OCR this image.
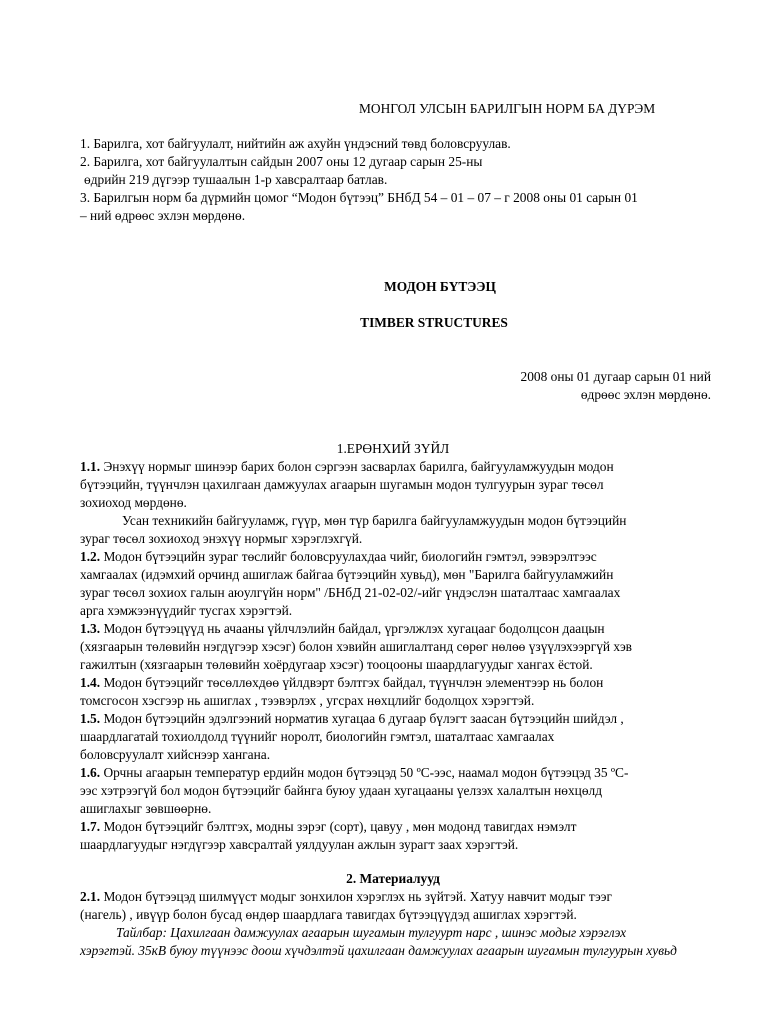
МОНГОЛ УЛСЫН БАРИЛГЫН НОРМ БА ДҮРЭМ
1. Барилга, хот байгуулалт, нийтийн аж ахуйн үндэсний төвд боловсруулав.
2. Барилга, хот байгуулалтын сайдын 2007 оны 12 дугаар сарын 25-ны
өдрийн 219 дүгээр тушаалын 1-р хавсралтаар батлав.
3. Барилгын норм ба дүрмийн цомог “Модон бүтээц” БНбД 54 – 01 – 07 – г 2008 оны 01 сарын 01
– ний өдрөөс эхлэн мөрдөнө.
МОДОН БҮТЭЭЦ
TIMBER STRUCTURES
2008 оны 01 дугаар сарын 01 ний
өдрөөс эхлэн мөрдөнө.
1.ЕРӨНХИЙ ЗҮЙЛ
1.1. Энэхүү нормыг шинээр барих болон сэргээн засварлах барилга, байгууламжуудын модон
бүтээцийн, түүнчлэн цахилгаан дамжуулах агаарын шугамын модон тулгуурын зураг төсөл
зохиоход мөрдөнө.
Усан техникийн байгууламж, гүүр, мөн түр барилга байгууламжуудын модон бүтээцийн
зураг төсөл зохиоход энэхүү нормыг хэрэглэхгүй.
1.2. Модон бүтээцийн зураг төслийг боловсруулахдаа чийг, биологийн гэмтэл, ээвэрэлтээс
хамгаалах (идэмхий орчинд ашиглаж байгаа бүтээцийн хувьд), мөн "Барилга байгууламжийн
зураг төсөл зохиох галын аюулгүйн норм" /БНбД 21-02-02/-ийг үндэслэн шаталтаас хамгаалах
арга хэмжээнүүдийг тусгах хэрэгтэй.
1.3. Модон бүтээцүүд нь ачааны үйлчлэлийн байдал, үргэлжлэх хугацааг бодолцсон даацын
(хязгаарын төлөвийн нэгдүгээр хэсэг) болон хэвийн ашиглалтанд сөрөг нөлөө үзүүлэхээргүй хэв
гажилтын (хязгаарын төлөвийн хоёрдугаар хэсэг) тооцооны шаардлагуудыг хангах ёстой.
1.4. Модон бүтээцийг төсөллөхдөө үйлдвэрт бэлтгэх байдал, түүнчлэн элементээр нь болон
томсгосон хэсгээр нь ашиглах , тээвэрлэх , угсрах нөхцлийг бодолцох хэрэгтэй.
1.5. Модон бүтээцийн эдэлгээний норматив хугацаа 6 дугаар бүлэгт заасан бүтээцийн шийдэл ,
шаардлагатай тохиолдолд түүнийг норолт, биологийн гэмтэл, шаталтаас хамгаалах
боловсруулалт хийснээр хангана.
1.6. Орчны агаарын температур ердийн модон бүтээцэд 50 ºС-ээс, наамал модон бүтээцэд 35 ºС-
ээс хэтрээгүй бол модон бүтээцийг байнга буюу удаан хугацааны үелзэх халалтын нөхцөлд
ашиглахыг зөвшөөрнө.
1.7. Модон бүтээцийг бэлтгэх, модны зэрэг (сорт), цавуу , мөн модонд тавигдах нэмэлт
шаардлагуудыг нэгдүгээр хавсралтай уялдуулан ажлын зурагт заах хэрэгтэй.
2. Материалууд
2.1. Модон бүтээцэд шилмүүст модыг зонхилон хэрэглэх нь зүйтэй. Хатуу навчит модыг тээг
(нагель) , ивүүр болон бусад өндөр шаардлага тавигдах бүтээцүүдэд ашиглах хэрэгтэй.
Тайлбар: Цахилгаан дамжуулах агаарын шугамын тулгуурт нарс , шинэс модыг хэрэглэх
хэрэгтэй. 35кВ буюу түүнээс доош хүчдэлтэй цахилгаан дамжуулах агаарын шугамын тулгуурын хувьд
